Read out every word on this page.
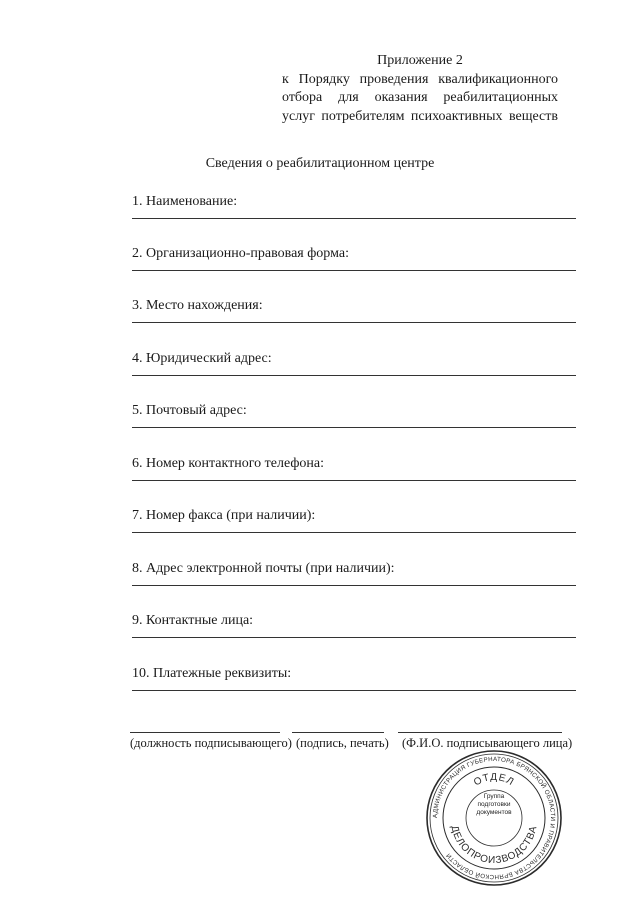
Приложение 2
к Порядку проведения квалификационного
отбора для оказания реабилитационных
услуг потребителям психоактивных веществ
Сведения о реабилитационном центре
1. Наименование:
2. Организационно-правовая форма:
3. Место нахождения:
4. Юридический адрес:
5. Почтовый адрес:
6. Номер контактного телефона:
7. Номер факса (при наличии):
8. Адрес электронной почты (при наличии):
9. Контактные лица:
10. Платежные реквизиты:
(должность подписывающего) (подпись, печать) (Ф.И.О. подписывающего лица)
АДМИНИСТРАЦИЯ ГУБЕРНАТОРА БРЯНСКОЙ ОБЛАСТИ И ПРАВИТЕЛЬСТВА БРЯНСКОЙ ОБЛАСТИ
ОТДЕЛ
ДЕЛОПРОИЗВОДСТВА
Группа
подготовки
документов
